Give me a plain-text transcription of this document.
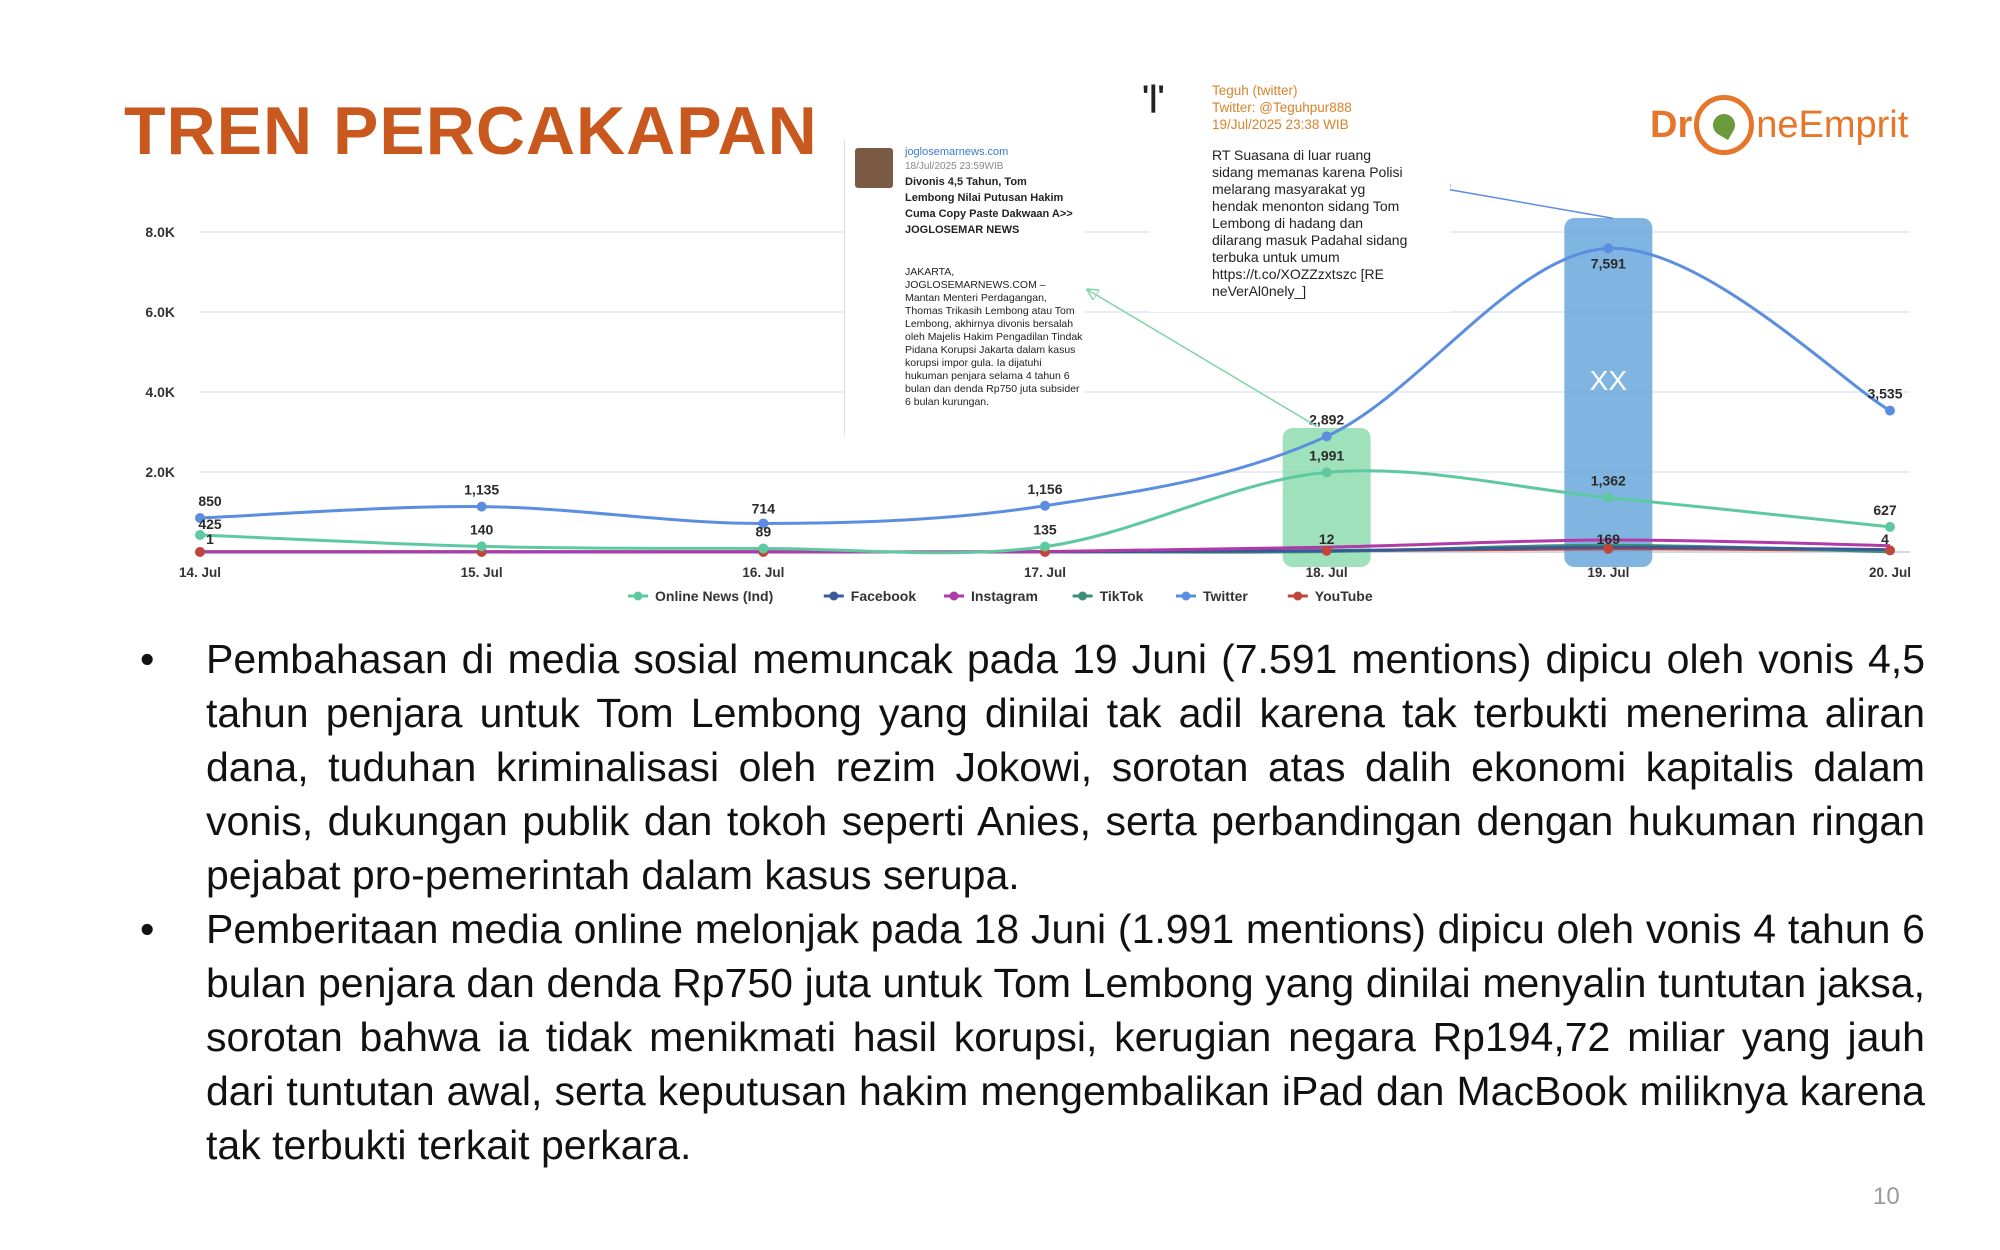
TREN PERCAKAPAN	Dr neEmprit
XX
850
1,135
714
1,156
2,892
7,591
3,535
425	140	89	135
1,991
1,362
627
1	12	169	4
14. Jul	15. Jul	16. Jul	17. Jul	18. Jul	19. Jul	20. Jul
2.0K
4.0K
6.0K
8.0K
Online News (Ind)	Facebook	Instagram	TikTok	Twitter	YouTube
joglosemarnews.com
18/Jul/2025 23:59WIB
Divonis 4,5 Tahun, Tom Lembong Nilai Putusan Hakim Cuma Copy Paste Dakwaan A>> JOGLOSEMAR NEWS
JAKARTA, JOGLOSEMARNEWS.COM – Mantan Menteri Perdagangan, Thomas Trikasih Lembong atau Tom Lembong, akhirnya divonis bersalah oleh Majelis Hakim Pengadilan Tindak Pidana Korupsi Jakarta dalam kasus korupsi impor gula. Ia dijatuhi hukuman penjara selama 4 tahun 6 bulan dan denda Rp750 juta subsider 6 bulan kurungan.
'|'	Teguh (twitter)
Twitter: @Teguhpur888
19/Jul/2025 23:38 WIB
RT Suasana di luar ruang sidang memanas karena Polisi melarang masyarakat yg hendak menonton sidang Tom Lembong di hadang dan dilarang masuk Padahal sidang terbuka untuk umum https://t.co/XOZZzxtszc [RE neVerAl0nely_]
• Pembahasan di media sosial memuncak pada 19 Juni (7.591 mentions) dipicu oleh vonis 4,5 tahun penjara untuk Tom Lembong yang dinilai tak adil karena tak terbukti menerima aliran dana, tuduhan kriminalisasi oleh rezim Jokowi, sorotan atas dalih ekonomi kapitalis dalam vonis, dukungan publik dan tokoh seperti Anies, serta perbandingan dengan hukuman ringan pejabat pro-pemerintah dalam kasus serupa.
• Pemberitaan media online melonjak pada 18 Juni (1.991 mentions) dipicu oleh vonis 4 tahun 6 bulan penjara dan denda Rp750 juta untuk Tom Lembong yang dinilai menyalin tuntutan jaksa, sorotan bahwa ia tidak menikmati hasil korupsi, kerugian negara Rp194,72 miliar yang jauh dari tuntutan awal, serta keputusan hakim mengembalikan iPad dan MacBook miliknya karena tak terbukti terkait perkara.
10
